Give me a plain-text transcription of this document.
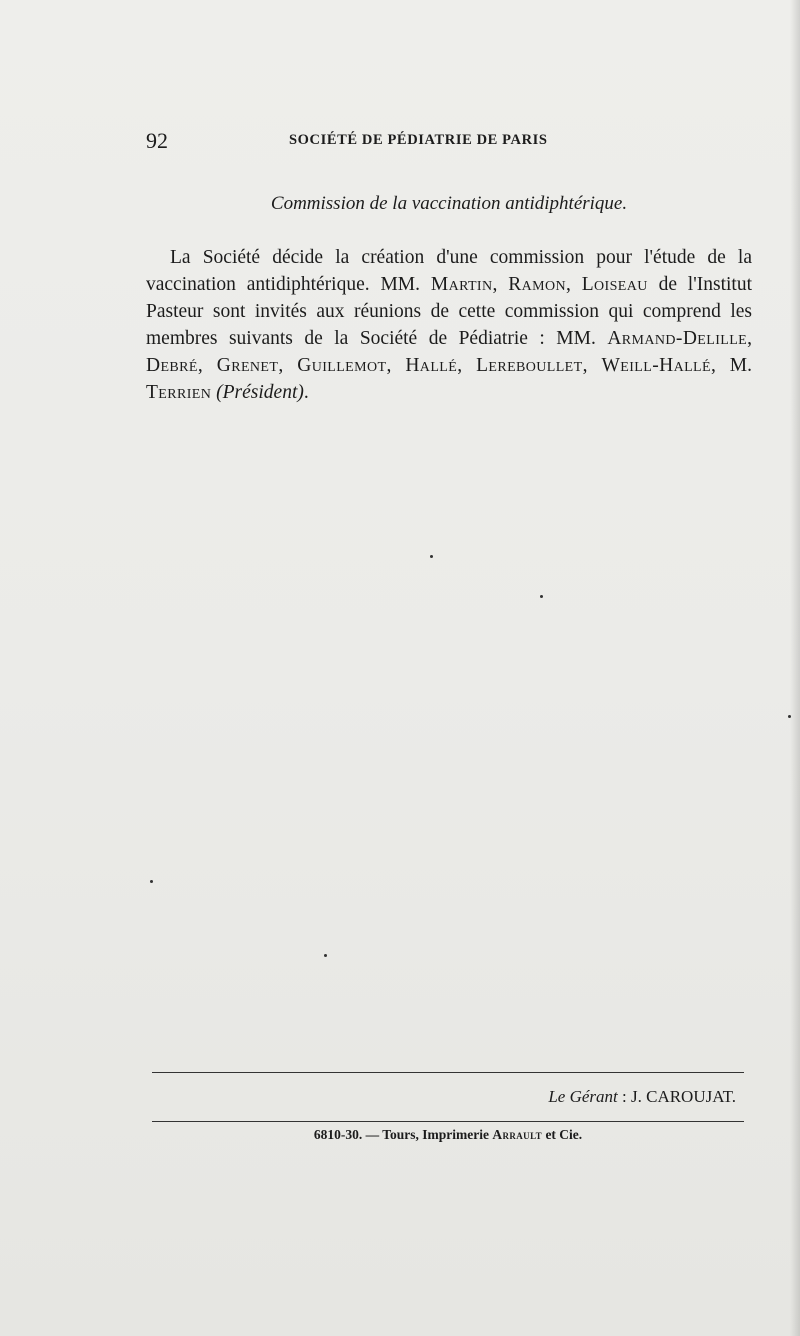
92	SOCIÉTÉ DE PÉDIATRIE DE PARIS
Commission de la vaccination antidiphtérique.

La Société décide la création d'une commission pour l'étude de la vaccination antidiphtérique. MM. Martin, Ramon, Loiseau de l'Institut Pasteur sont invités aux réunions de cette commission qui comprend les membres suivants de la Société de Pédiatrie : MM. Armand-Delille, Debré, Grenet, Guillemot, Hallé, Lereboullet, Weill-Hallé, M. Terrien (Président).

Le Gérant : J. CAROUJAT.
6810-30. — Tours, Imprimerie Arrault et Cie.
